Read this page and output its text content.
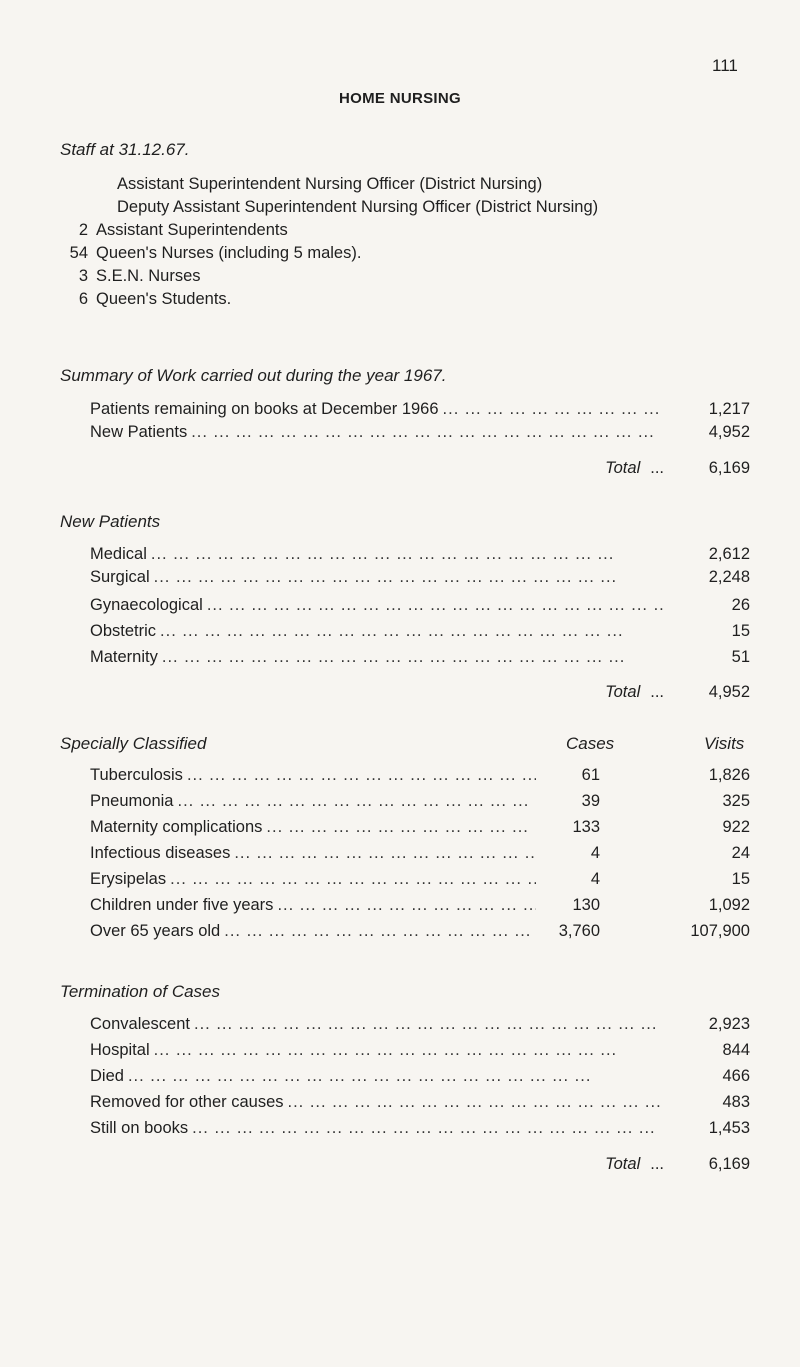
111
HOME NURSING
Staff at 31.12.67.
Assistant Superintendent Nursing Officer (District Nursing)
Deputy Assistant Superintendent Nursing Officer (District Nursing)
2 Assistant Superintendents
54 Queen's Nurses (including 5 males).
3 S.E.N. Nurses
6 Queen's Students.
Summary of Work carried out during the year 1967.
Patients remaining on books at December 1966 ... .	1,217
New Patients ... .	4,952
Total ...	6,169
New Patients
Medical ... .	2,612
Surgical ... .	2,248
Gynaecological ... .	26
Obstetric ... .	15
Maternity ... .	51
Total ...	4,952
Specially Classified	Cases	Visits
Tuberculosis ... .	61	1,826
Pneumonia ... .	39	325
Maternity complications ... .	133	922
Infectious diseases ... .	4	24
Erysipelas ... .	4	15
Children under five years ... .	130	1,092
Over 65 years old ... .	3,760	107,900
Termination of Cases
Convalescent ... .	2,923
Hospital ... .	844
Died ... .	466
Removed for other causes ... .	483
Still on books ... .	1,453
Total ...	6,169
